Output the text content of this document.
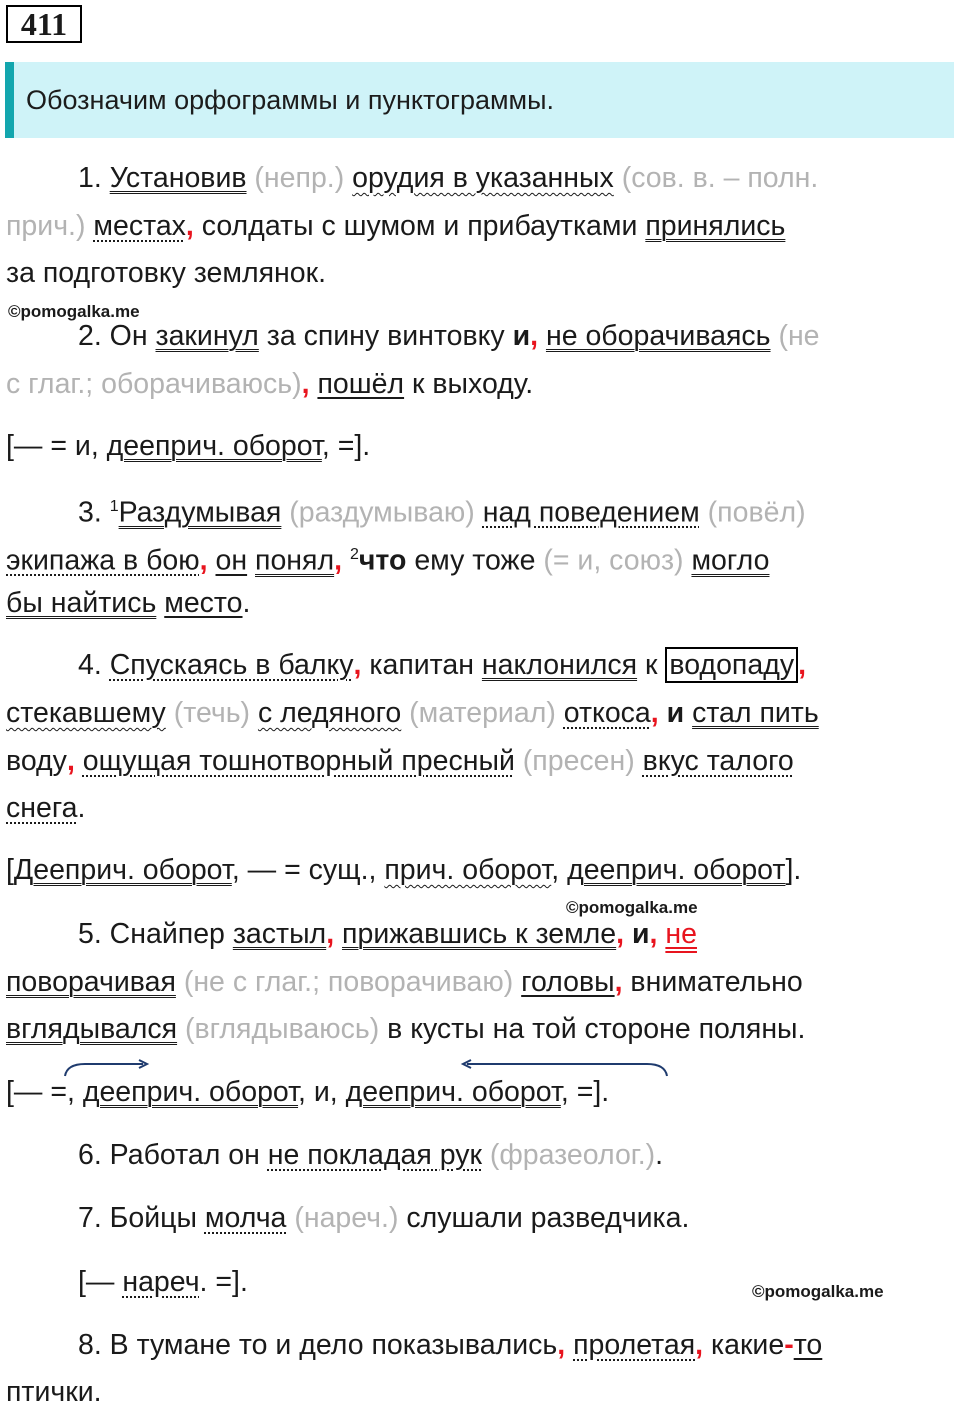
411
Обозначим орфограммы и пунктограммы.
1. Установив (непр.) орудия в указанных (сов. в. – полн.
прич.) местах, солдаты с шумом и прибаутками принялись
за подготовку землянок.
©pomogalka.me
2. Он закинул за спину винтовку и, не оборачиваясь (не
с глаг.; оборачиваюсь), пошёл к выходу.
[— = и, дееприч. оборот, =].
3. $^1$Раздумывая (раздумываю) над поведением (повёл)
экипажа в бою, он понял, $^2$что ему тоже (= и, союз) могло
бы найтись место.
4. Спускаясь в балку, капитан наклонился к водопаду ,
стекавшему (течь) с ледяного (материал) откоса, и стал пить
воду, ощущая тошнотворный пресный (пресен) вкус талого
снега.
[Дееприч. оборот, — = сущ., прич. оборот, дееприч. оборот].
©pomogalka.me
5. Снайпер застыл, прижавшись к земле, и, не
поворачивая (не с глаг.; поворачиваю) головы, внимательно
вглядывался (вглядываюсь) в кусты на той стороне поляны.
[— =, дееприч. оборот, и, дееприч. оборот, =].
6. Работал он не покладая рук (фразеолог.).
7. Бойцы молча (нареч.) слушали разведчика.
[— нареч. =].	©pomogalka.me
8. В тумане то и дело показывались, пролетая, какие-то
птички.
